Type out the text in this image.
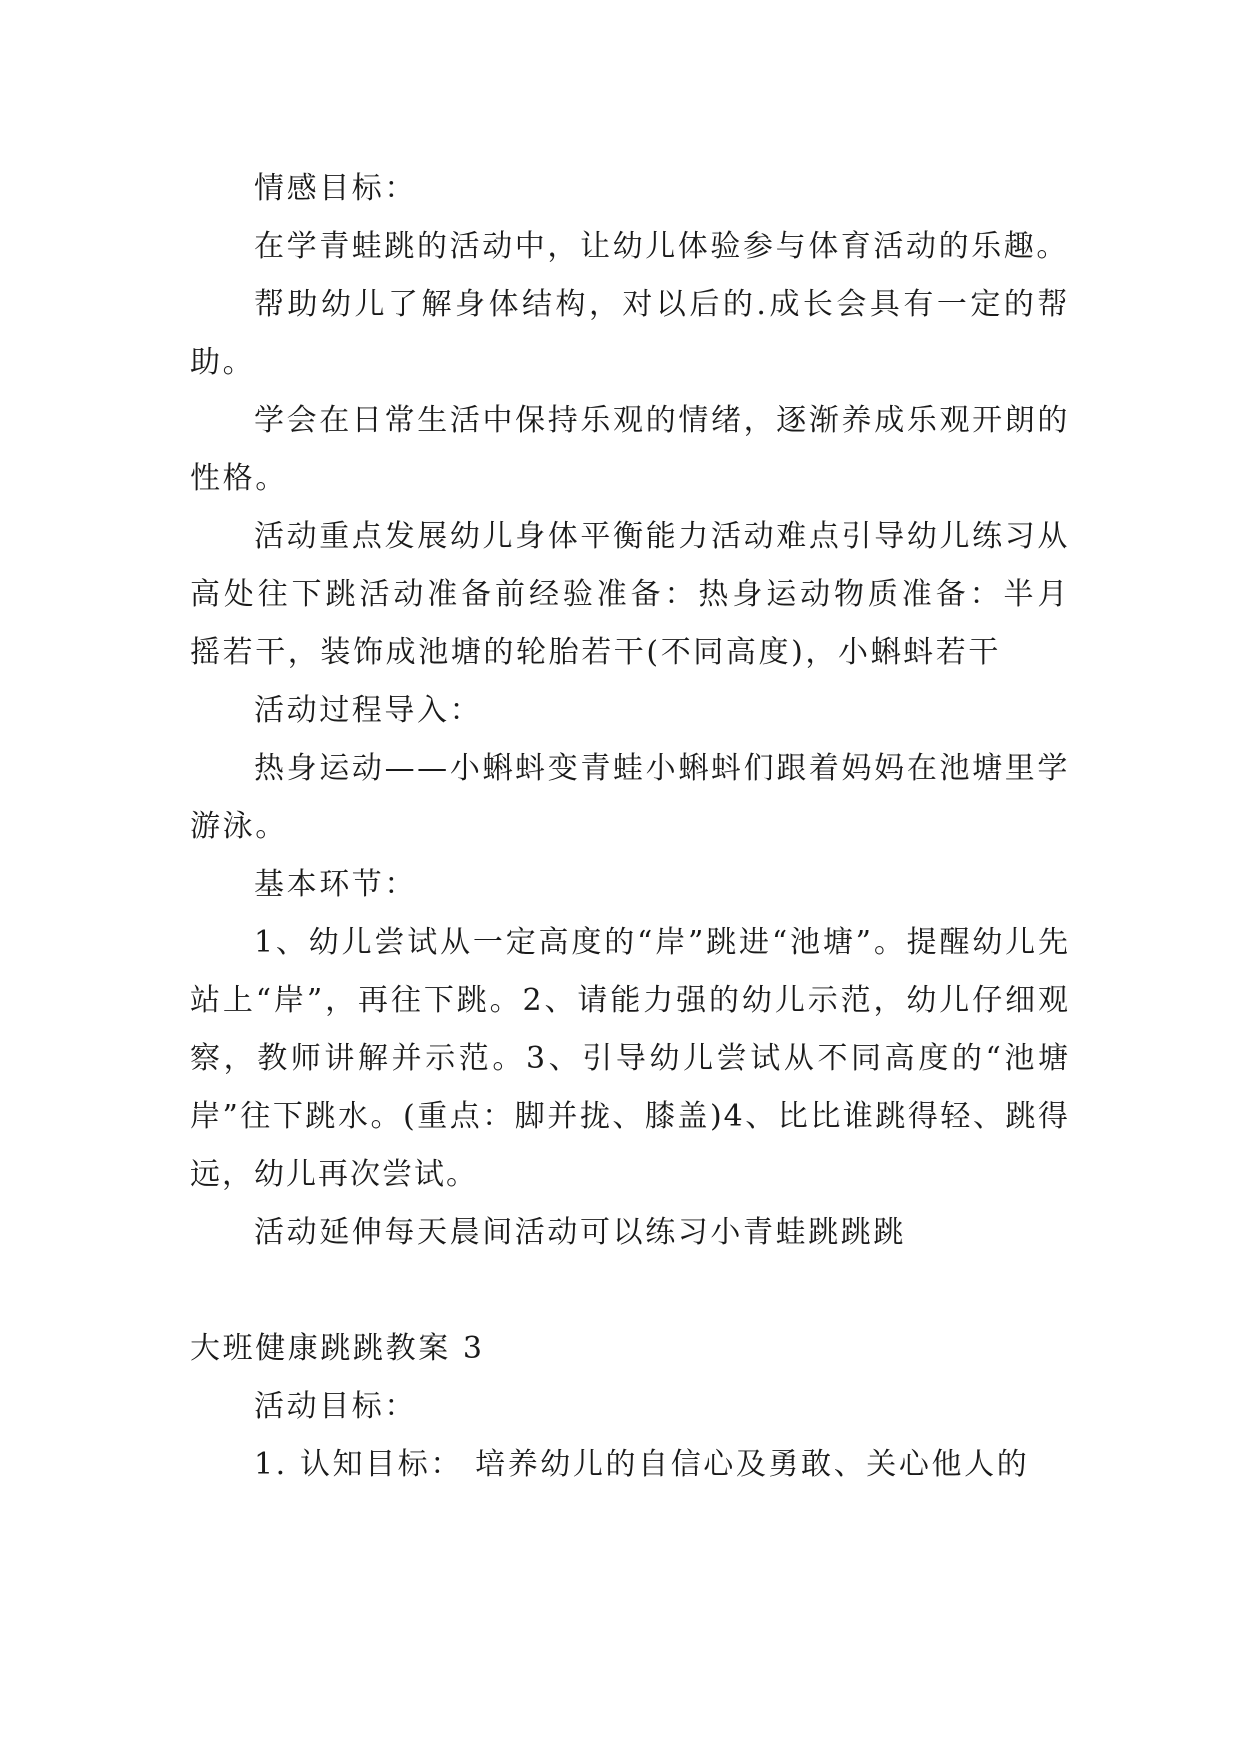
情感目标：

在学青蛙跳的活动中，让幼儿体验参与体育活动的乐趣。

帮助幼儿了解身体结构，对以后的.成长会具有一定的帮助。

学会在日常生活中保持乐观的情绪，逐渐养成乐观开朗的性格。

活动重点发展幼儿身体平衡能力活动难点引导幼儿练习从高处往下跳活动准备前经验准备：热身运动物质准备：半月摇若干，装饰成池塘的轮胎若干(不同高度)，小蝌蚪若干

活动过程导入：

热身运动——小蝌蚪变青蛙小蝌蚪们跟着妈妈在池塘里学游泳。

基本环节：

1、幼儿尝试从一定高度的“岸”跳进“池塘”。提醒幼儿先站上“岸”，再往下跳。2、请能力强的幼儿示范，幼儿仔细观察，教师讲解并示范。3、引导幼儿尝试从不同高度的“池塘岸”往下跳水。(重点：脚并拢、膝盖)4、比比谁跳得轻、跳得远，幼儿再次尝试。

活动延伸每天晨间活动可以练习小青蛙跳跳跳

大班健康跳跳教案 3

活动目标：

1. 认知目标： 培养幼儿的自信心及勇敢、关心他人的
